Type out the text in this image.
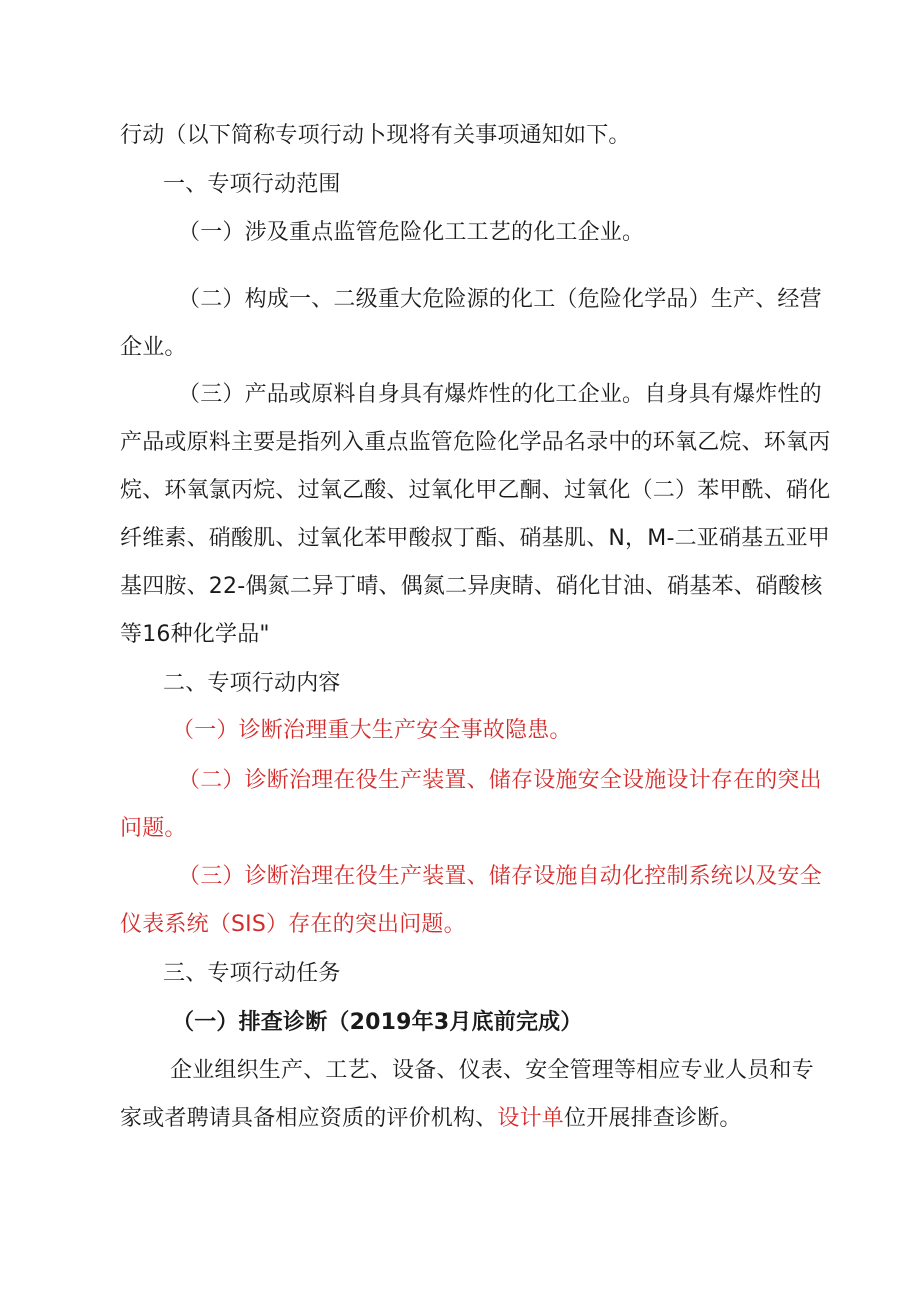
行动（以下简称专项行动卜现将有关事项通知如下。
一、专项行动范围
（一）涉及重点监管危险化工工艺的化工企业。
（二）构成一、二级重大危险源的化工（危险化学品）生产、经营
企业。
（三）产品或原料自身具有爆炸性的化工企业。自身具有爆炸性的
产品或原料主要是指列入重点监管危险化学品名录中的环氧乙烷、环氧丙
烷、环氧氯丙烷、过氧乙酸、过氧化甲乙酮、过氧化（二）苯甲酰、硝化
纤维素、硝酸肌、过氧化苯甲酸叔丁酯、硝基肌、N，M-二亚硝基五亚甲
基四胺、22-偶氮二异丁晴、偶氮二异庚睛、硝化甘油、硝基苯、硝酸核
等16种化学品"
二、专项行动内容
（一）诊断治理重大生产安全事故隐患。
（二）诊断治理在役生产装置、储存设施安全设施设计存在的突出
问题。
（三）诊断治理在役生产装置、储存设施自动化控制系统以及安全
仪表系统（SIS）存在的突出问题。
三、专项行动任务
（一）排查诊断（2019年3月底前完成）
企业组织生产、工艺、设备、仪表、安全管理等相应专业人员和专
家或者聘请具备相应资质的评价机构、设计单位开展排查诊断。
